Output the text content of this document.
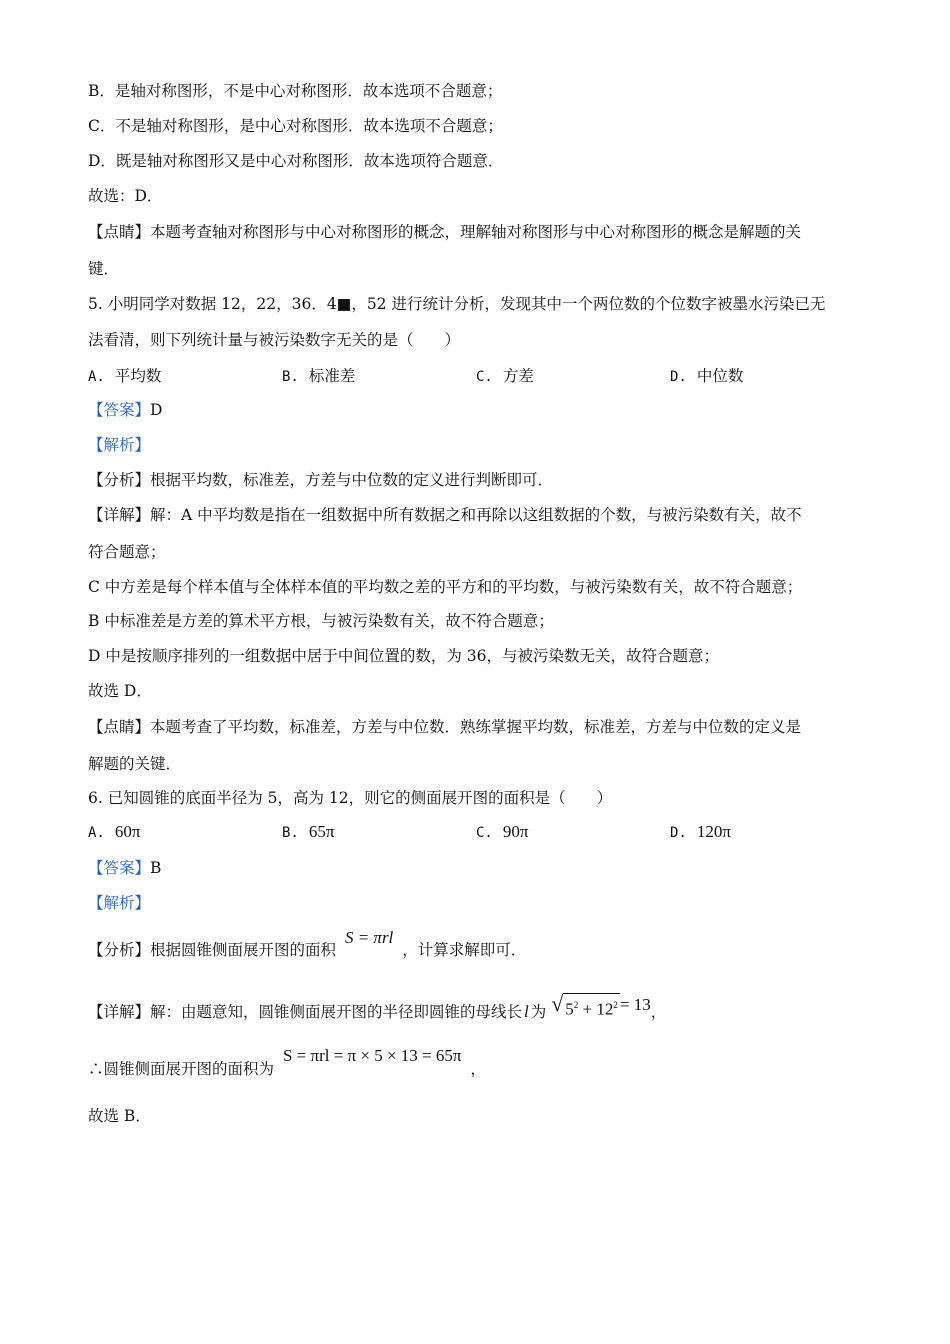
B．是轴对称图形，不是中心对称图形．故本选项不合题意；
C．不是轴对称图形，是中心对称图形．故本选项不合题意；
D．既是轴对称图形又是中心对称图形．故本选项符合题意．
故选：D．
【点睛】本题考查轴对称图形与中心对称图形的概念，理解轴对称图形与中心对称图形的概念是解题的关
键．
5. 小明同学对数据 12，22，36．4■，52 进行统计分析，发现其中一个两位数的个位数字被墨水污染已无
法看清，则下列统计量与被污染数字无关的是（　　）
A. 平均数	B. 标准差	C. 方差	D. 中位数
【答案】D
【解析】
【分析】根据平均数，标准差，方差与中位数的定义进行判断即可．
【详解】解：A 中平均数是指在一组数据中所有数据之和再除以这组数据的个数，与被污染数有关，故不
符合题意；
C 中方差是每个样本值与全体样本值的平均数之差的平方和的平均数，与被污染数有关，故不符合题意；
B 中标准差是方差的算术平方根，与被污染数有关，故不符合题意；
D 中是按顺序排列的一组数据中居于中间位置的数，为 36，与被污染数无关，故符合题意；
故选 D．
【点睛】本题考查了平均数，标准差，方差与中位数．熟练掌握平均数，标准差，方差与中位数的定义是
解题的关键．
6. 已知圆锥的底面半径为 5，高为 12，则它的侧面展开图的面积是（　　）
A. 60π	B. 65π	C. 90π	D. 120π
【答案】B
【解析】
【分析】根据圆锥侧面展开图的面积 S = πrl ，计算求解即可．
【详解】解：由题意知，圆锥侧面展开图的半径即圆锥的母线长 l 为 √ $5^2 + 12^2 = 13$ ，
∴圆锥侧面展开图的面积为 S = πrl = π × 5 × 13 = 65π ，
故选 B．
